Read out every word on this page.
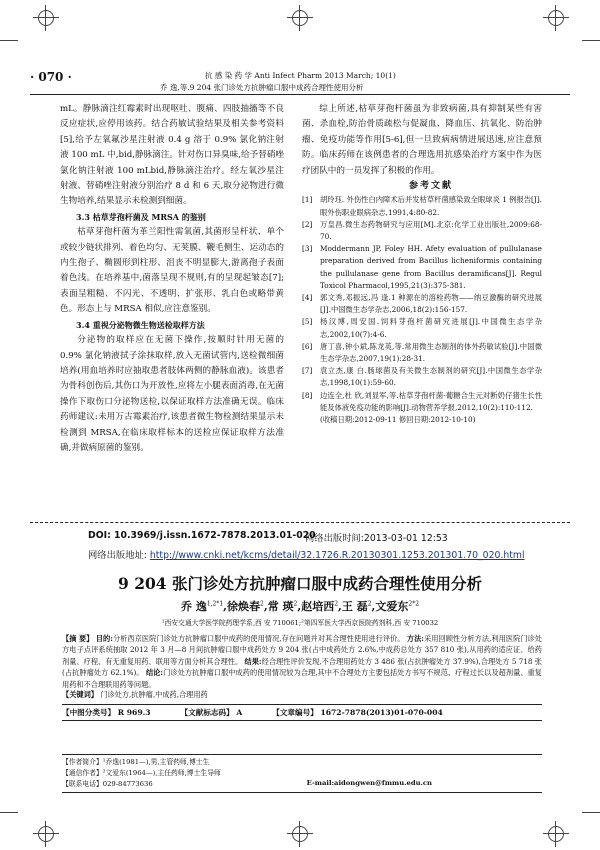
· 070 ·	抗 感 染 药 学 Anti Infect Pharm 2013 March; 10(1)
乔 逸,等.9 204 张门诊处方抗肿瘤口服中成药合理性使用分析

mL。静脉滴注红霉素时出现呕吐、腹痛、四肢抽搐等不良反应症状,应停用该药。结合药敏试验结果及相关参考资料[5],给予左氧氟沙星注射液 0.4 g 溶于 0.9% 氯化钠注射液 100 mL 中,bid,静脉滴注。针对伤口异臭味,给予替硝唑氯化钠注射液 100 mLbid,静脉滴注治疗。经左氧沙星注射液、替硝唑注射液分别治疗 8 d 和 6 天,取分泌物进行微生物培养,结果显示未检测到细菌。

3.3 枯草芽孢杆菌及 MRSA 的鉴别

枯草芽孢杆菌为革兰阳性需氧菌,其菌形呈杆状、单个或较少链状排列、着色均匀、无荚膜、鞭毛侧生、运动态的内生孢子、椭圆形到柱形、沮丧不明显膨大,游离孢子表面着色浅。在培养基中,菌落呈现不规则,有的呈现起皱态[7];表面呈粗糙、不闪光、不透明、扩张形、乳白色或略带黄色。形态上与 MRSA 相似,应注意鉴别。

3.4 重视分泌物微生物送检取样方法

分泌物的取样应在无菌下操作,按顺时针用无菌的 0.9% 氯化钠液拭子涂抹取样,放入无菌试管内,送检微细菌培养(用血培养时应抽取患者肢体两侧的静脉血液)。该患者为骨科创伤后,其伤口为开放性,应将左小腿表面消毒,在无菌操作下取伤口分泌物送检,以保证取样方法准确无误。临床药师建议:未用万古霉素治疗,该患者微生物检测结果显示未检测到 MRSA,在临床取样标本的送检应保证取样方法准确,并做病原菌的鉴别。

综上所述,枯草芽孢杆菌虽为非致病菌,具有抑制某些有害菌、杀血栓,防治骨质疏松与促凝血、降血压、抗氧化、防治肿瘤、免疫功能等作用[5-6],但一旦致病病情进展迅速,应注意预防。临床药师在该例患者的合理选用抗感染治疗方案中作为医疗团队中的一员发挥了积极的作用。

参考文献

[1]	胡玲珏. 外伤性白内障术后并发枯草杆菌感染致全眼球炎 1 例报告[J].眼外伤职业眼病杂志,1991,4:80-82.
[2]	万皇昌.微生态药物研究与应用[M].北京:化学工业出版社,2009:68-70.
[3]	Moddermann JP, Foley HH. Afety evaluation of pullulanase preparation derived from Bacillus licheniformis containing the pullulanase gene from Bacillus deramificans[J]. Regul Toxicol Pharmacol,1995,21(3):375-381.
[4]	郭文秀,邓振远,冯 逢.1 种源在的溶栓药物——纳豆激酶的研究进展[J].中国微生态学杂志,2006,18(2):156-157.
[5]	杨汉博,周安国.饲料芽孢杆菌研究进展[J].中国微生态学杂志,2002,10(7):4-6.
[6]	唐丁喜,钟小斌,陈龙英,等.常用微生态制剂的体外药敏试验[J].中国微生态学杂志,2007,19(1):28-31.
[7]	袁立杰,康 白.肠球菌及有关微生态制剂的研究[J].中国微生态学杂志,1998,10(1):59-60.
[8]	边连全,杜 欣,刘显军,等.枯草芽孢杆菌-葡糖合生元对断奶仔猪生长性能及体液免疫功能的影响[J].动物营养学报,2012,10(2):110-112.
(收稿日期:2012-09-11 修回日期:2012-10-10)
DOI: 10.3969/j.issn.1672-7878.2013.01-020
网络出版时间:2013-03-01 12:53
网络出版地址: http://www.cnki.net/kcms/detail/32.1726.R.20130301.1253.201301.70_020.html
9 204 张门诊处方抗肿瘤口服中成药合理性使用分析
乔 逸$^{1,2*1}$,徐焕春$^2$,常 瑛$^2$,赵培西$^2$,王 磊$^2$,文爱东$^{2*2}$
¹西安交通大学医学院药理学系,西 安 710061;²第四军医大学西京医院药剂科,西 安 710032
【摘 要】 目的:分析西京医院门诊处方抗肿瘤口服中成药的使用情况,存在问题并对其合理性使用进行评价。 方法:采用回顾性分析方法,利用医院门诊处方电子点评系统抽取 2012 年 3 月—8 月间抗肿瘤口服中成药处方 9 204 张(占中成药处方 2.6%,中成药总处方 357 810 张),从用药的适应证、给药剂量、疗程、有无重复用药、联用等方面分析其合理性。 结果:经合理性评价发现,不合理用药处方 3 486 张(占抗肿瘤处方 37.9%),合理处方 5 718 张(占抗肿瘤处方 62.1%)。 结论:门诊处方抗肿瘤口服中成药的使用情况较为合理,其中不合理处方主要包括处方书写不规范、疗程过长以及超剂量、重复用药和不合理联用药等问题。
【关键词】 门诊处方,抗肿瘤,中成药,合理用药
【中图分类号】 R 969.3	【文献标志码】 A	【文章编号】 1672-7878(2013)01-070-004
【作者简介】¹乔逸(1981—),男,主管药师,博士生
【通信作者】²文爱东(1964—),主任药师,博士生导师
【联系电话】029-84773636	E-mail:aidongwen@fmmu.edu.cn
